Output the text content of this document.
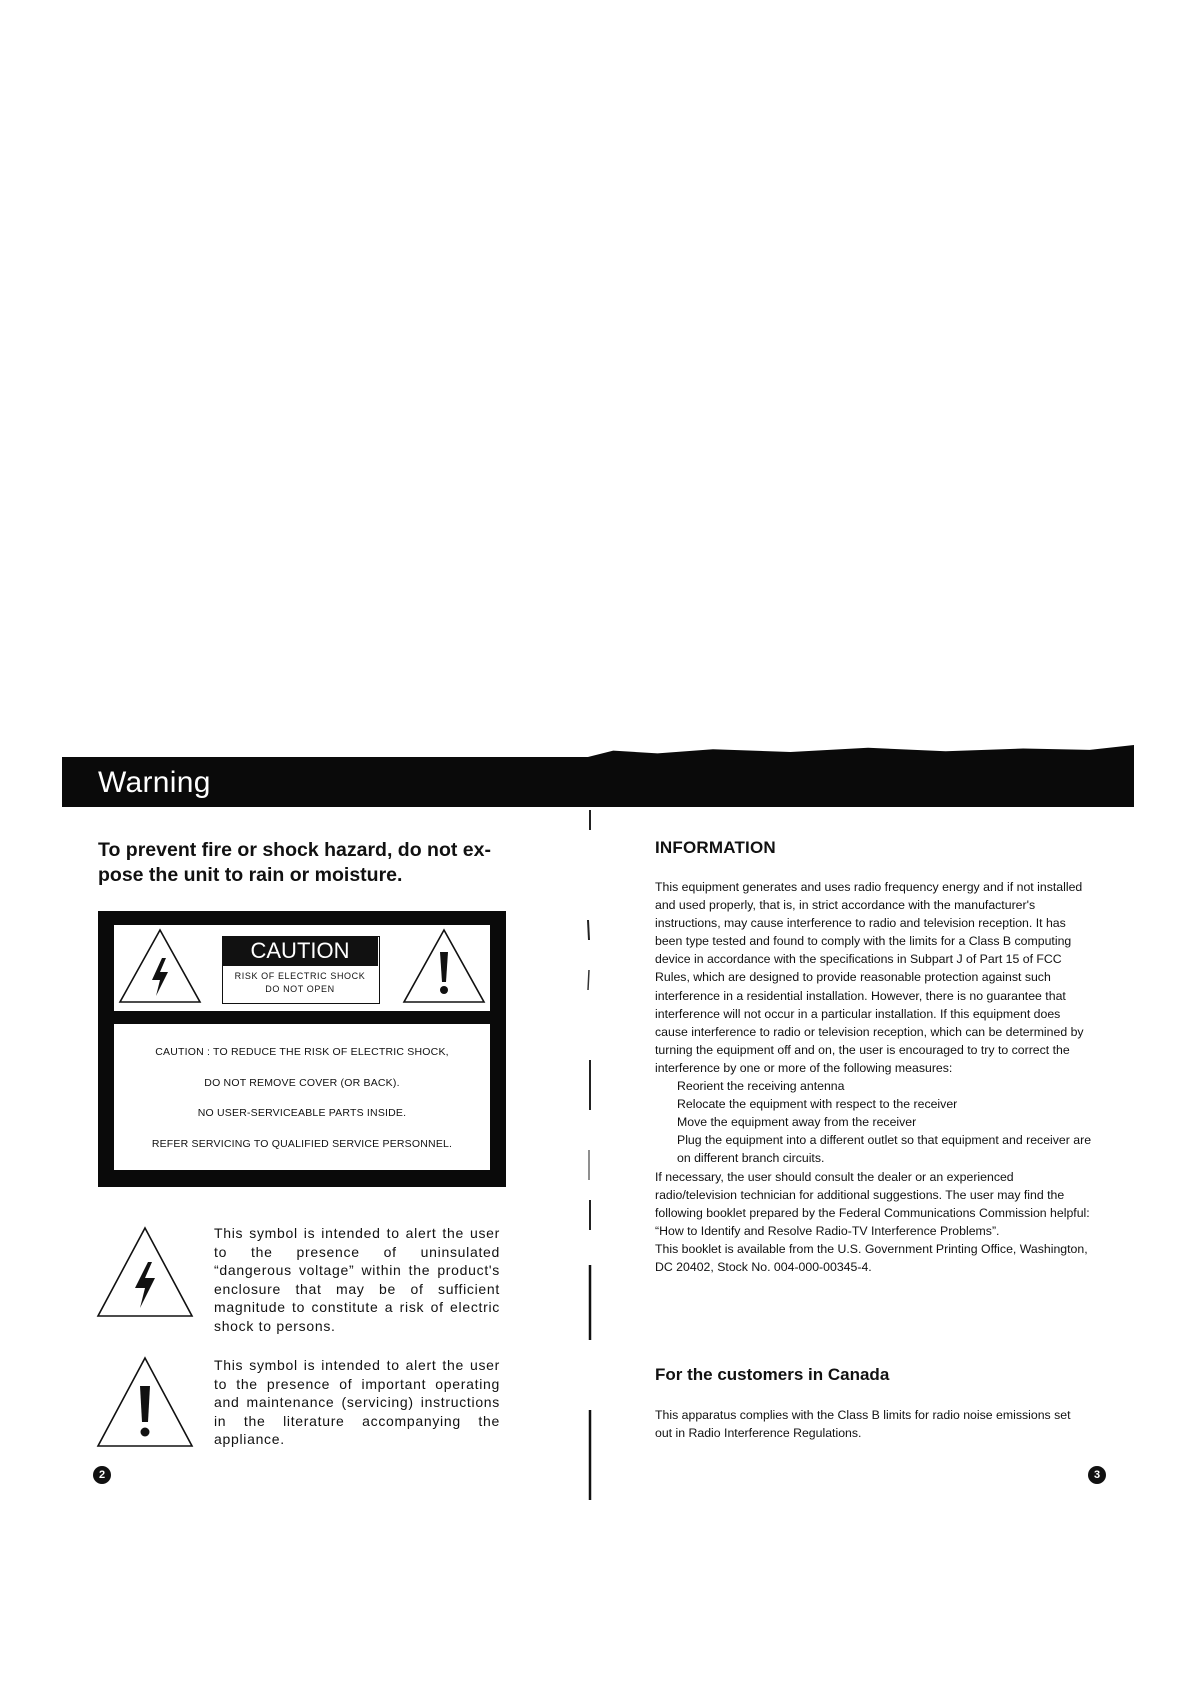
Warning
To prevent fire or shock hazard, do not ex-pose the unit to rain or moisture.
CAUTION
RISK OF ELECTRIC SHOCK
DO NOT OPEN
CAUTION : TO REDUCE THE RISK OF ELECTRIC SHOCK,
DO NOT REMOVE COVER (OR BACK).
NO USER-SERVICEABLE PARTS INSIDE.
REFER SERVICING TO QUALIFIED SERVICE PERSONNEL.
This symbol is intended to alert the user to the presence of uninsulated “dangerous voltage” within the product's enclosure that may be of sufficient magnitude to constitute a risk of electric shock to persons.
This symbol is intended to alert the user to the presence of important operating and maintenance (servicing) instructions in the literature accompanying the appliance.
2
INFORMATION

This equipment generates and uses radio frequency energy and if not installed and used properly, that is, in strict accordance with the manufacturer's instructions, may cause interference to radio and television reception. It has been type tested and found to comply with the limits for a Class B computing device in accordance with the specifications in Subpart J of Part 15 of FCC Rules, which are designed to provide reasonable protection against such interference in a residential installation. However, there is no guarantee that interference will not occur in a particular installation. If this equipment does cause interference to radio or television reception, which can be determined by turning the equipment off and on, the user is encouraged to try to correct the interference by one or more of the following measures:

Reorient the receiving antenna
Relocate the equipment with respect to the receiver
Move the equipment away from the receiver
Plug the equipment into a different outlet so that equipment and receiver are on different branch circuits.

If necessary, the user should consult the dealer or an experienced radio/television technician for additional suggestions. The user may find the following booklet prepared by the Federal Communications Commission helpful:

“How to Identify and Resolve Radio-TV Interference Problems”.

This booklet is available from the U.S. Government Printing Office, Washington, DC 20402, Stock No. 004-000-00345-4.

For the customers in Canada
This apparatus complies with the Class B limits for radio noise emissions set out in Radio Interference Regulations.
3
